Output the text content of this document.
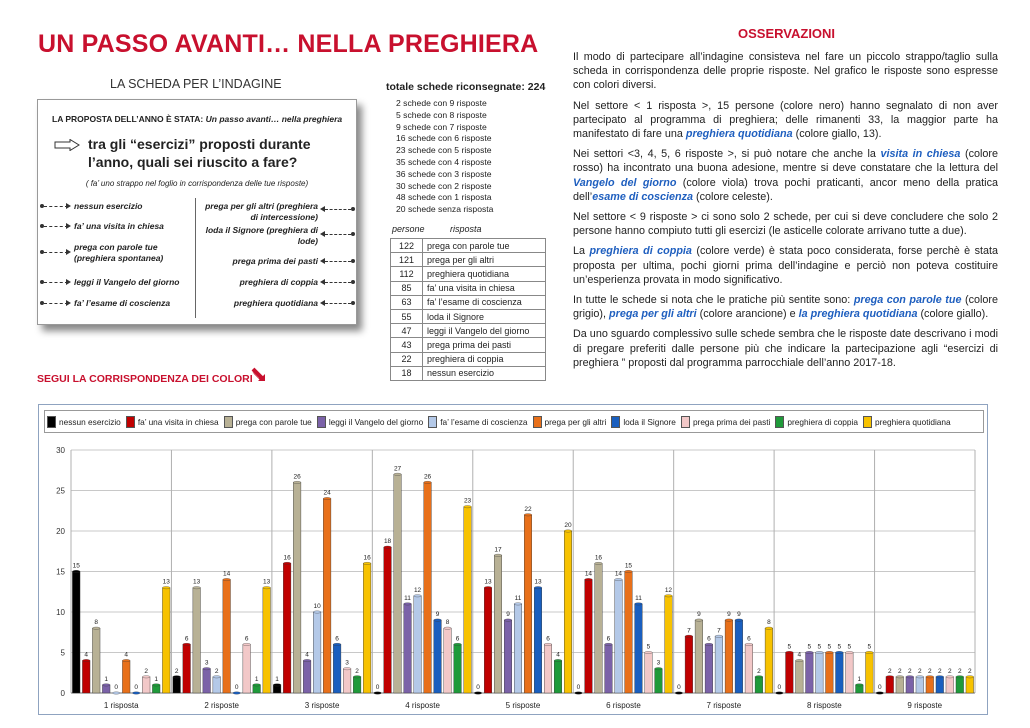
UN PASSO AVANTI… NELLA PREGHIERA
LA SCHEDA PER L’INDAGINE
LA PROPOSTA DELL’ANNO È STATA: Un passo avanti… nella preghiera
tra gli “esercizi” proposti durante l’anno, quali sei riuscito a fare?
( fa’ uno strappo nel foglio in corrispondenza delle tue risposte)
nessun esercizio
fa’ una visita in chiesa
prega con parole tue (preghiera spontanea)
leggi il Vangelo del giorno
fa’ l’esame di coscienza
prega per gli altri (preghiera di intercessione)
loda il Signore (preghiera di lode)
prega prima dei pasti
preghiera di coppia
preghiera quotidiana
totale schede riconsegnate: 224
2 schede con 9 risposte
5 schede con 8 risposte
9 schede con 7 risposte
16 schede con 6 risposte
23 schede con 5 risposte
35 schede con 4 risposte
36 schede con 3 risposte
30 schede con 2 risposte
48 schede con 1 risposta
20 schede senza risposta
persone	risposta
122	prega con parole tue
121	prega per gli altri
112	preghiera quotidiana
85	fa’ una visita in chiesa
63	fa’ l’esame di coscienza
55	loda il Signore
47	leggi il Vangelo del giorno
43	prega prima dei pasti
22	preghiera di coppia
18	nessun esercizio
SEGUI LA CORRISPONDENZA DEI COLORI
OSSERVAZIONI

Il modo di partecipare all’indagine consisteva nel fare un piccolo strappo/taglio sulla scheda in corrispondenza delle proprie risposte. Nel grafico le risposte sono espresse con colori diversi.

Nel settore < 1 risposta >, 15 persone (colore nero) hanno segnalato di non aver partecipato al programma di preghiera; delle rimanenti 33, la maggior parte ha manifestato di fare una preghiera quotidiana (colore giallo, 13).

Nei settori <3, 4, 5, 6 risposte >, si può notare che anche la visita in chiesa (colore rosso) ha incontrato una buona adesione, mentre si deve constatare che la lettura del Vangelo del giorno (colore viola) trova pochi praticanti, ancor meno della pratica dell’esame di coscienza (colore celeste).

Nel settore < 9 risposte > ci sono solo 2 schede, per cui si deve concludere che solo 2 persone hanno compiuto tutti gli esercizi (le asticelle colorate arrivano tutte a due).

La preghiera di coppia (colore verde) è stata poco considerata, forse perchè è stata proposta per ultima, pochi giorni prima dell’indagine e perciò non poteva costituire un’esperienza provata in modo significativo.

In tutte le schede si nota che le pratiche più sentite sono: prega con parole tue (colore grigio), prega per gli altri (colore arancione) e la preghiera quotidiana (colore giallo).

Da uno sguardo complessivo sulle schede sembra che le risposte date descrivano i modi di pregare preferiti dalle persone più che indicare la partecipazione agli “esercizi di preghiera ” proposti dal programma parrocchiale dell’anno 2017-18.

nessun esercizio fa’ una visita in chiesa prega con parole tue leggi il Vangelo del giorno fa’ l’esame di coscienza prega per gli altri loda il Signore prega prima dei pasti preghiera di coppia preghiera quotidiana
0
5
10
15
20
25
30
15
4
8
1
0
4
0
2
1
13
1 risposta
2
6
13
3
2
14
0
6
1
13
2 risposte
1
16
26
4
10
24
6
3
2
16
3 risposte
0
18
27
11
12
26
9
8
6
23
4 risposte
0
13
17
9
11
22
13
6
4
20
5 risposte
0
14
16
6
14
15
11
5
3
12
6 risposte
0
7
9
6
7
9 9
6
2
8
7 risposte
0
5
4
5 5 5 5 5
1
5
8 risposte
0
2 2 2 2 2 2 2 2 2
9 risposte
